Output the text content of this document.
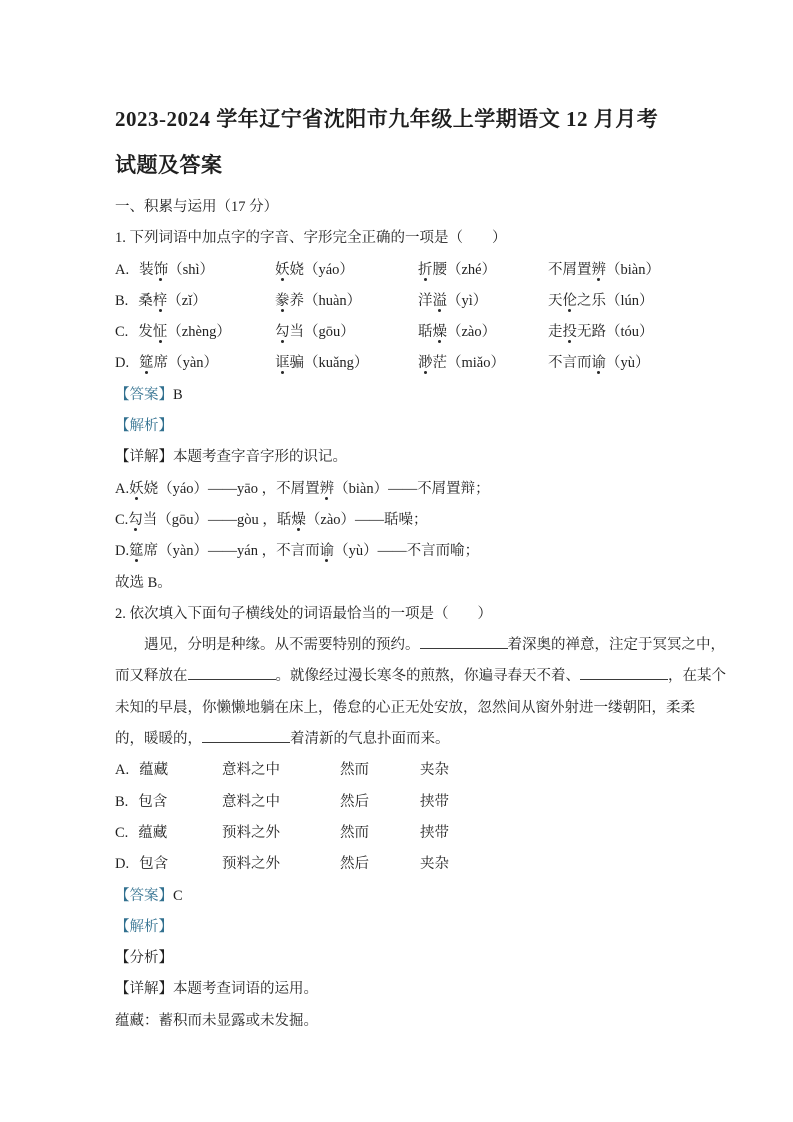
2023-2024 学年辽宁省沈阳市九年级上学期语文 12 月月考
试题及答案
一、积累与运用（17 分）
1. 下列词语中加点字的字音、字形完全正确的一项是（　　）
A. 装饰（shì）	妖娆（yáo）	折腰（zhé）	不屑置辨（biàn）
B. 桑梓（zǐ）	豢养（huàn）	洋溢（yì）	天伦之乐（lún）
C. 发怔（zhèng）	勾当（gōu）	聒燥（zào）	走投无路（tóu）
D. 筵席（yàn）	诓骗（kuǎng）	渺茫（miǎo）	不言而谕（yù）
【答案】B
【解析】
【详解】本题考查字音字形的识记。
A.妖娆（yáo）——yāo ，不屑置辨（biàn）——不屑置辩；
C.勾当（gōu）——gòu ，聒燥（zào）——聒噪；
D.筵席（yàn）——yán ，不言而谕（yù）——不言而喻；
故选 B。
2. 依次填入下面句子横线处的词语最恰当的一项是（　　）
遇见，分明是种缘。从不需要特别的预约。	着深奥的禅意，注定于冥冥之中，
而又释放在	。就像经过漫长寒冬的煎熬，你遍寻春天不着、	，在某个
未知的早晨，你懒懒地躺在床上，倦怠的心正无处安放，忽然间从窗外射进一缕朝阳，柔柔
的，暖暖的，	着清新的气息扑面而来。
A. 蕴藏	意料之中	然而	夹杂
B. 包含	意料之中	然后	挟带
C. 蕴藏	预料之外	然而	挟带
D. 包含	预料之外	然后	夹杂
【答案】C
【解析】
【分析】
【详解】本题考查词语的运用。
蕴藏：蓄积而未显露或未发掘。
